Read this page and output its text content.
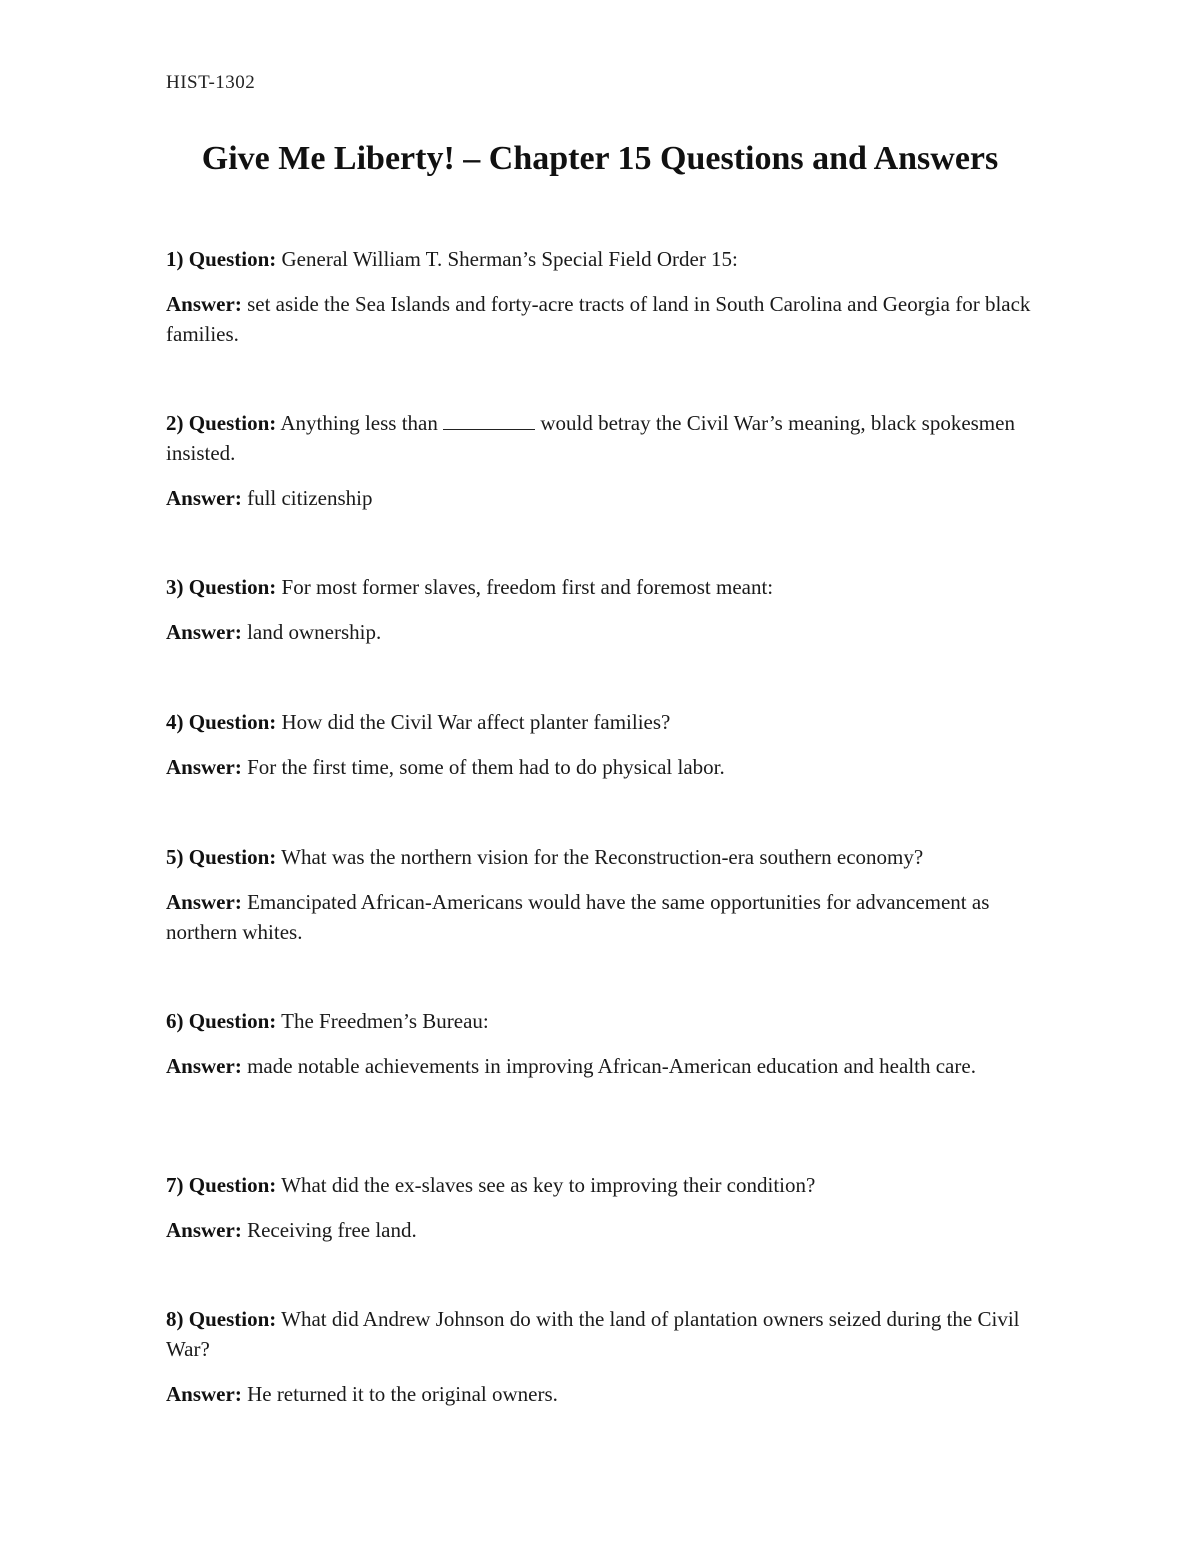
HIST-1302
Give Me Liberty! – Chapter 15 Questions and Answers

1) Question: General William T. Sherman’s Special Field Order 15:

Answer: set aside the Sea Islands and forty-acre tracts of land in South Carolina and Georgia for black families.

2) Question: Anything less than	would betray the Civil War’s meaning, black spokesmen insisted.

Answer: full citizenship

3) Question: For most former slaves, freedom first and foremost meant:

Answer: land ownership.

4) Question: How did the Civil War affect planter families?

Answer: For the first time, some of them had to do physical labor.

5) Question: What was the northern vision for the Reconstruction-era southern economy?

Answer: Emancipated African-Americans would have the same opportunities for advancement as northern whites.

6) Question: The Freedmen’s Bureau:

Answer: made notable achievements in improving African-American education and health care.

7) Question: What did the ex-slaves see as key to improving their condition?

Answer: Receiving free land.

8) Question: What did Andrew Johnson do with the land of plantation owners seized during the Civil War?

Answer: He returned it to the original owners.
